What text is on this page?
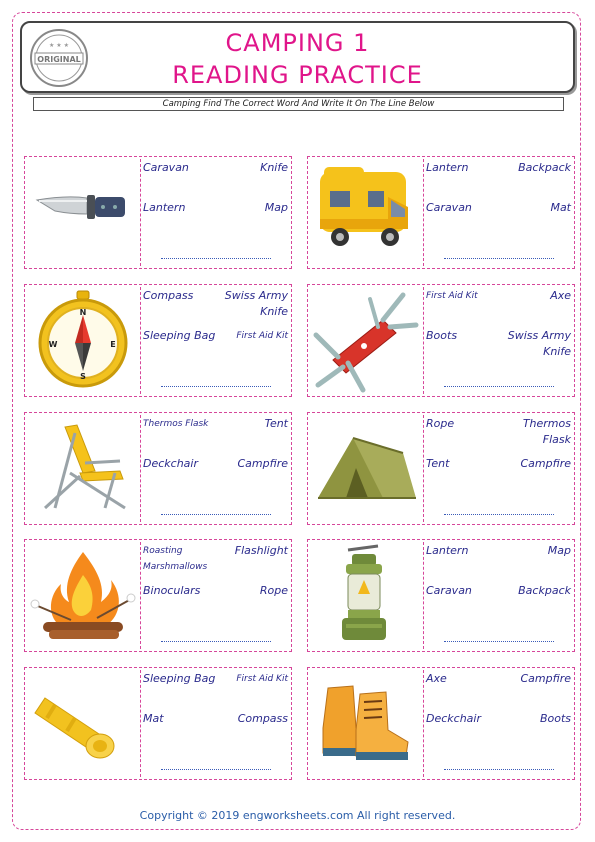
ORIGINAL
★ ★ ★	CAMPING 1
READING PRACTICE
Camping Find The Correct Word And Write It On The Line Below
Caravan	Knife
Lantern	Map
Lantern	Backpack
Caravan	Mat
N
S
W	E
Compass	Swiss Army Knife
Sleeping Bag	First Aid Kit
First Aid Kit	Axe
Boots	Swiss Army Knife
Thermos Flask	Tent
Deckchair	Campfire
Rope	Thermos Flask
Tent	Campfire
Roasting Marshmallows
Flashlight
Binoculars	Rope
Lantern	Map
Caravan	Backpack
Sleeping Bag	First Aid Kit
Mat	Compass
Axe	Campfire
Deckchair	Boots
Copyright © 2019 engworksheets.com All right reserved.
